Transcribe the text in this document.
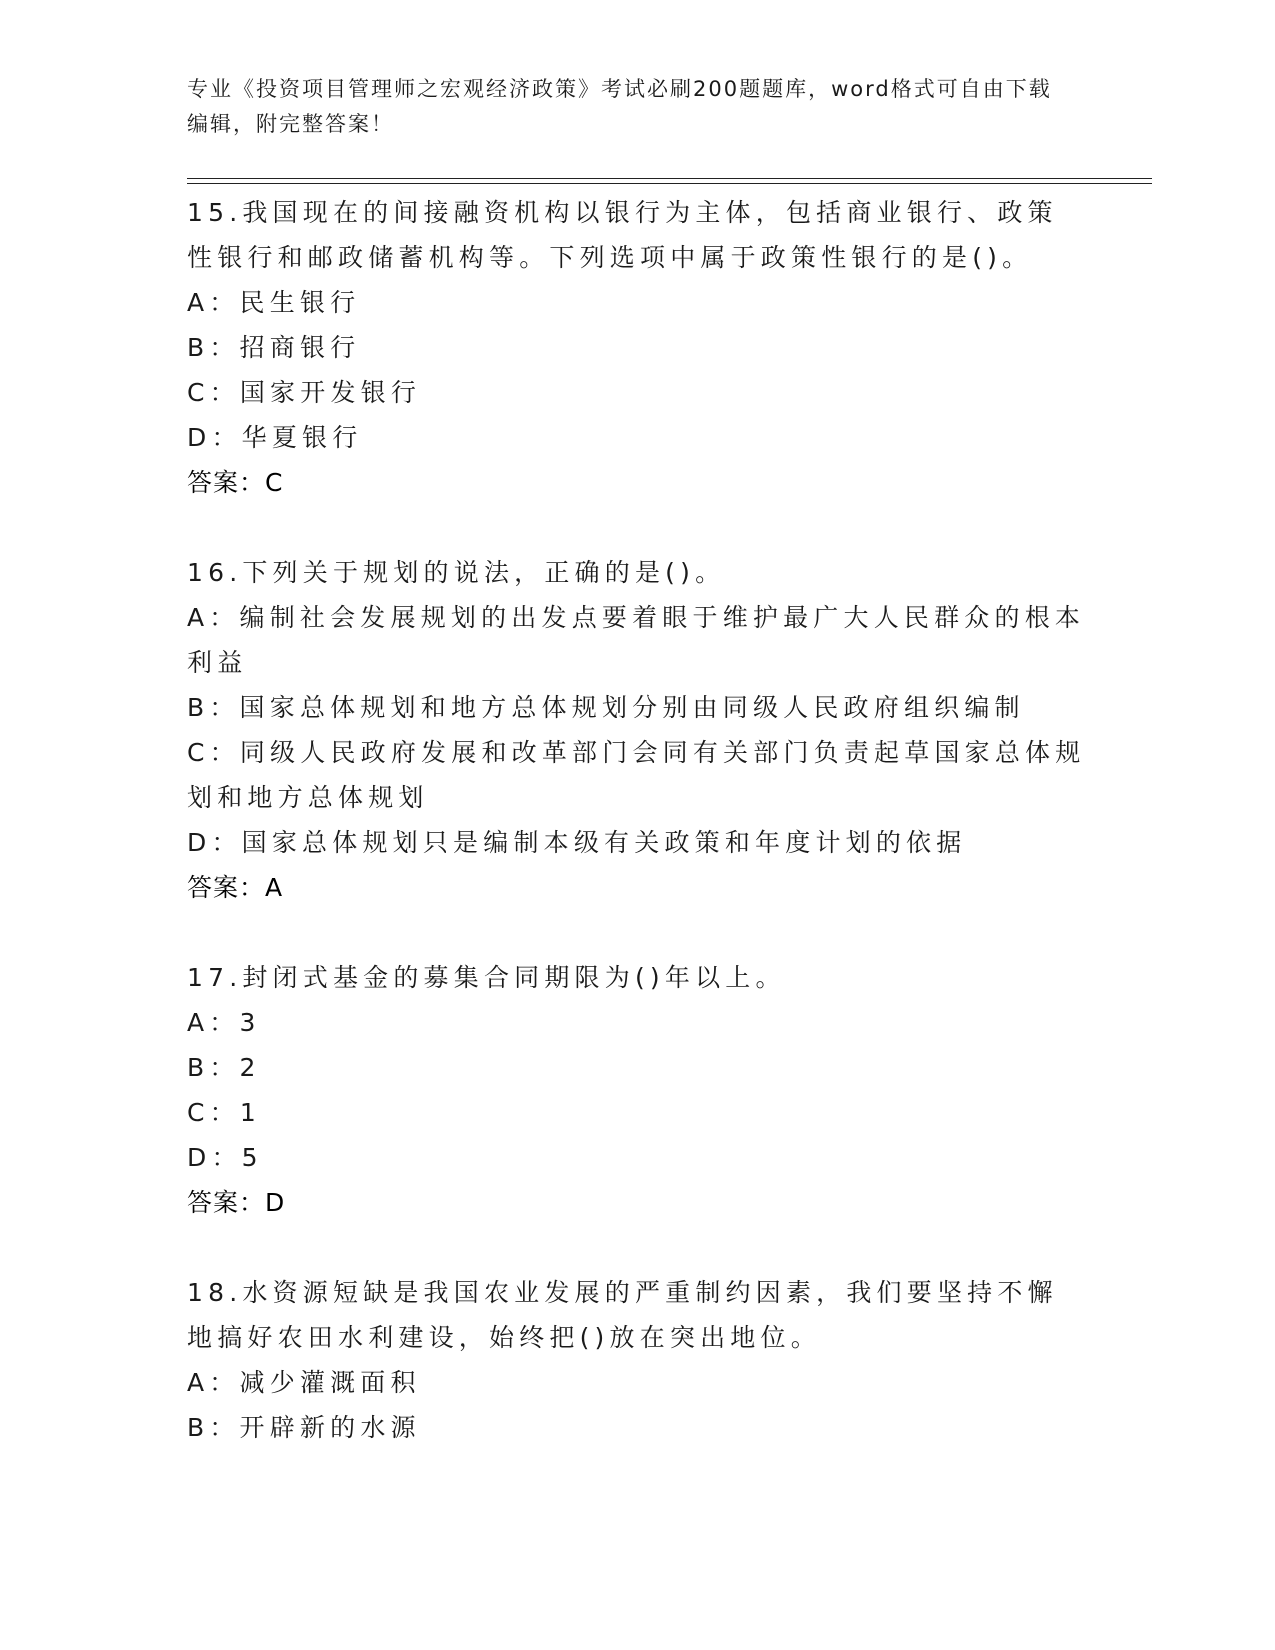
专业《投资项目管理师之宏观经济政策》考试必刷200题题库，word格式可自由下载编辑，附完整答案！
15.我国现在的间接融资机构以银行为主体，包括商业银行、政策性银行和邮政储蓄机构等。下列选项中属于政策性银行的是()。
A：民生银行
B：招商银行
C：国家开发银行
D：华夏银行
答案：C
16.下列关于规划的说法，正确的是()。
A：编制社会发展规划的出发点要着眼于维护最广大人民群众的根本利益
B：国家总体规划和地方总体规划分别由同级人民政府组织编制
C：同级人民政府发展和改革部门会同有关部门负责起草国家总体规划和地方总体规划
D：国家总体规划只是编制本级有关政策和年度计划的依据
答案：A
17.封闭式基金的募集合同期限为()年以上。
A：3
B：2
C：1
D：5
答案：D
18.水资源短缺是我国农业发展的严重制约因素，我们要坚持不懈地搞好农田水利建设，始终把()放在突出地位。
A：减少灌溉面积
B：开辟新的水源
